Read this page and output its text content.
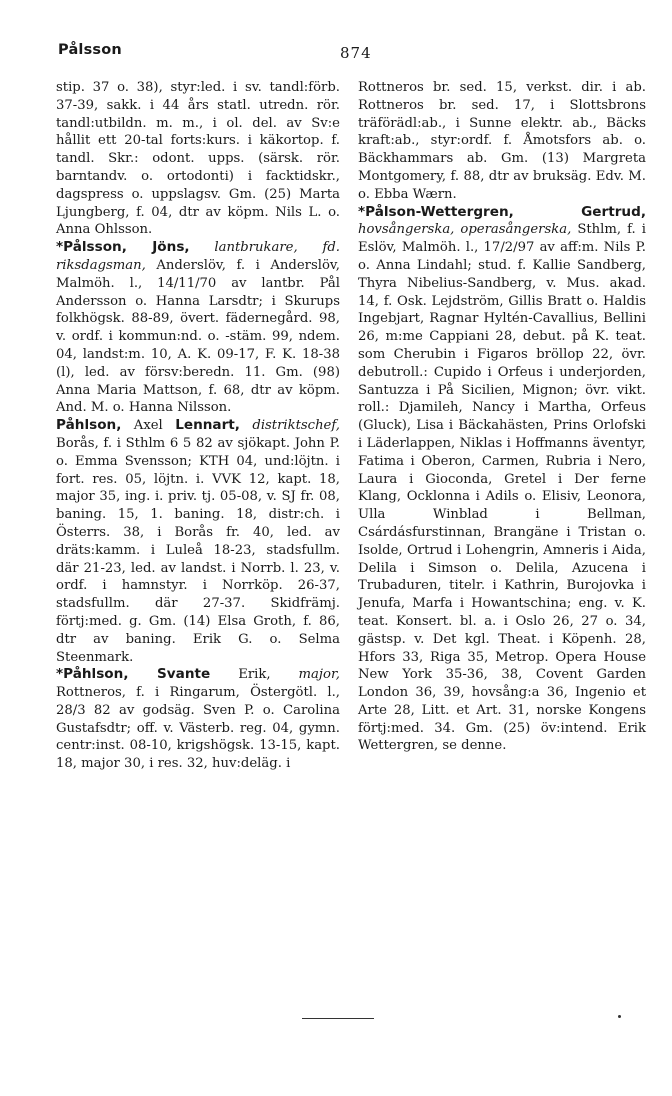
Pålsson	874

stip. 37 o. 38), styr:led. i sv. tandl:förb. 37-39, sakk. i 44 års statl. utredn. rör. tandl:utbildn. m. m., i ol. del. av Sv:e hållit ett 20-tal forts:kurs. i käkortop. f. tandl. Skr.: odont. upps. (särsk. rör. barntandv. o. ortodonti) i facktidskr., dagspress o. uppslagsv. Gm. (25) Marta Ljungberg, f. 04, dtr av köpm. Nils L. o. Anna Ohlsson.

*Pålsson, Jöns, lantbrukare, fd. riksdagsman, Anderslöv, f. i Anderslöv, Malmöh. l., 14/11/70 av lantbr. Pål Andersson o. Hanna Larsdtr; i Skurups folkhögsk. 88-89, övert. fädernegård. 98, v. ordf. i kommun:nd. o. -stäm. 99, ndem. 04, landst:m. 10, A. K. 09-17, F. K. 18-38 (l), led. av försv:beredn. 11. Gm. (98) Anna Maria Mattson, f. 68, dtr av köpm. And. M. o. Hanna Nilsson.

Påhlson, Axel Lennart, distriktschef, Borås, f. i Sthlm 6 5 82 av sjökapt. John P. o. Emma Svensson; KTH 04, und:löjtn. i fort. res. 05, löjtn. i. VVK 12, kapt. 18, major 35, ing. i. priv. tj. 05-08, v. SJ fr. 08, baning. 15, 1. baning. 18, distr:ch. i Österrs. 38, i Borås fr. 40, led. av dräts:kamm. i Luleå 18-23, stadsfullm. där 21-23, led. av landst. i Norrb. l. 23, v. ordf. i hamnstyr. i Norrköp. 26-37, stadsfullm. där 27-37. Skidfrämj. förtj:med. g. Gm. (14) Elsa Groth, f. 86, dtr av baning. Erik G. o. Selma Steenmark.

*Påhlson, Svante Erik, major, Rottneros, f. i Ringarum, Östergötl. l., 28/3 82 av godsäg. Sven P. o. Carolina Gustafsdtr; off. v. Västerb. reg. 04, gymn. centr:inst. 08-10, krigshögsk. 13-15, kapt. 18, major 30, i res. 32, huv:deläg. i

Rottneros br. sed. 15, verkst. dir. i ab. Rottneros br. sed. 17, i Slottsbrons träförädl:ab., i Sunne elektr. ab., Bäcks kraft:ab., styr:ordf. f. Åmotsfors ab. o. Bäckhammars ab. Gm. (13) Margreta Montgomery, f. 88, dtr av bruksäg. Edv. M. o. Ebba Wærn.

*Pålson-Wettergren, Gertrud, hovsångerska, operasångerska, Sthlm, f. i Eslöv, Malmöh. l., 17/2/97 av aff:m. Nils P. o. Anna Lindahl; stud. f. Kallie Sandberg, Thyra Nibelius-Sandberg, v. Mus. akad. 14, f. Osk. Lejdström, Gillis Bratt o. Haldis Ingebjart, Ragnar Hyltén-Cavallius, Bellini 26, m:me Cappiani 28, debut. på K. teat. som Cherubin i Figaros bröllop 22, övr. debutroll.: Cupido i Orfeus i underjorden, Santuzza i På Sicilien, Mignon; övr. vikt. roll.: Djamileh, Nancy i Martha, Orfeus (Gluck), Lisa i Bäckahästen, Prins Orlofski i Läderlappen, Niklas i Hoffmanns äventyr, Fatima i Oberon, Carmen, Rubria i Nero, Laura i Gioconda, Gretel i Der ferne Klang, Ocklonna i Adils o. Elisiv, Leonora, Ulla Winblad i Bellman, Csárdásfurstinnan, Brangäne i Tristan o. Isolde, Ortrud i Lohengrin, Amneris i Aida, Delila i Simson o. Delila, Azucena i Trubaduren, titelr. i Kathrin, Burojovka i Jenufa, Marfa i Howantschina; eng. v. K. teat. Konsert. bl. a. i Oslo 26, 27 o. 34, gästsp. v. Det kgl. Theat. i Köpenh. 28, Hfors 33, Riga 35, Metrop. Opera House New York 35-36, 38, Covent Garden London 36, 39, hovsång:a 36, Ingenio et Arte 28, Litt. et Art. 31, norske Kongens förtj:med. 34. Gm. (25) öv:intend. Erik Wettergren, se denne.
